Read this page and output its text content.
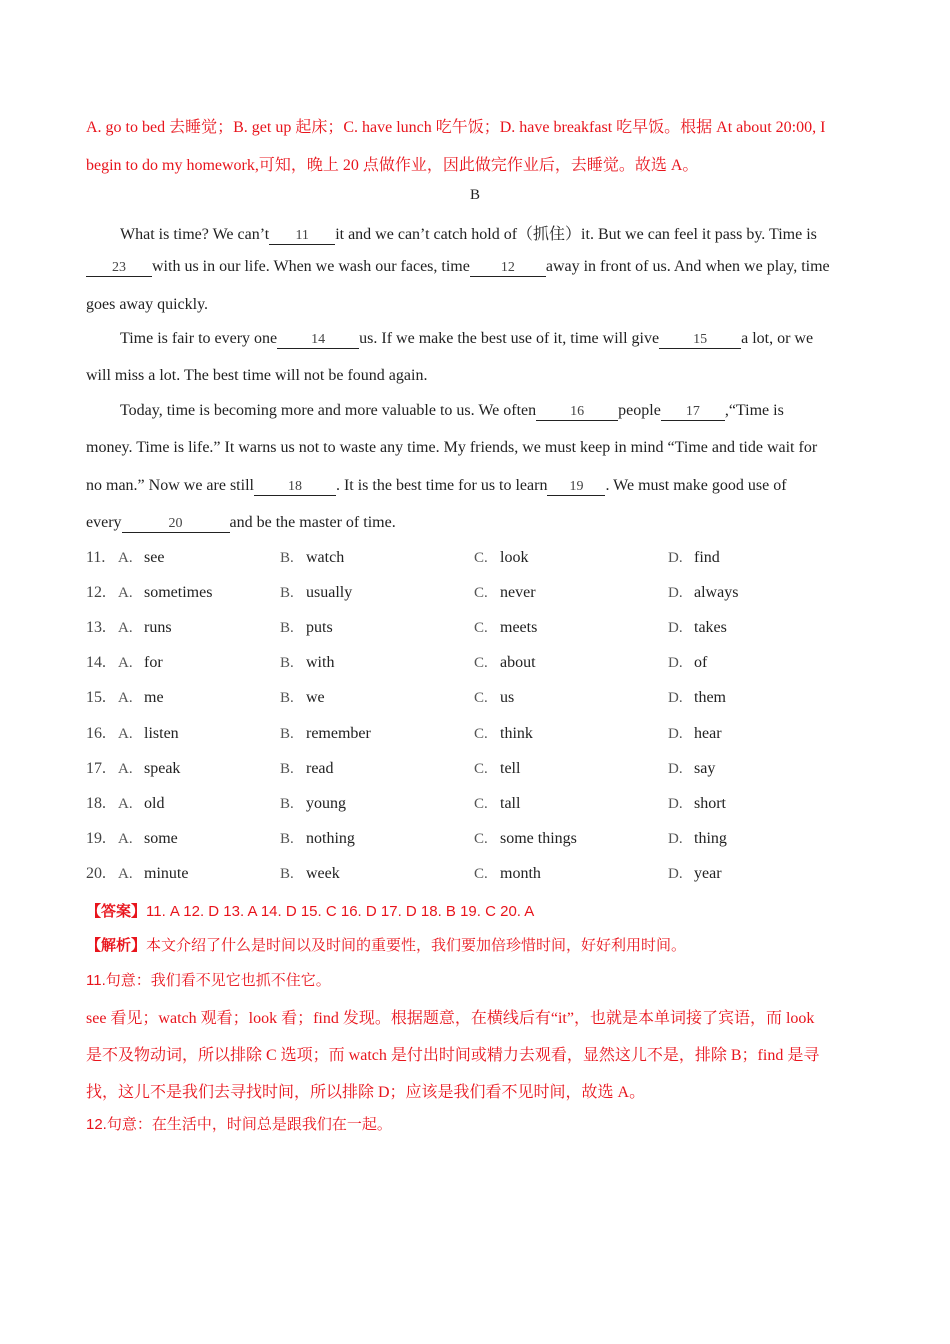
A. go to bed 去睡觉；B. get up 起床；C. have lunch 吃午饭；D. have breakfast 吃早饭。根据 At about 20:00, I
begin to do my homework,可知，晚上 20 点做作业，因此做完作业后，去睡觉。故选 A。
B
What is time? We can’t 11 it and we can’t catch hold of（抓住）it. But we can feel it pass by. Time is
23 with us in our life. When we wash our faces, time 12 away in front of us. And when we play, time
goes away quickly.
Time is fair to every one 14 us. If we make the best use of it, time will give 15 a lot, or we
will miss a lot. The best time will not be found again.
Today, time is becoming more and more valuable to us. We often 16 people 17 ,“Time is
money. Time is life.” It warns us not to waste any time. My friends, we must keep in mind “Time and tide wait for
no man.” Now we are still 18 . It is the best time for us to learn 19 . We must make good use of
every	20	and be the master of time.
11. A. see	B. watch	C. look	D. find
12. A. sometimes	B. usually	C. never	D. always
13. A. runs	B. puts	C. meets	D. takes
14. A. for	B. with	C. about	D. of
15. A. me	B. we	C. us	D. them
16. A. listen	B. remember	C. think	D. hear
17. A. speak	B. read	C. tell	D. say
18. A. old	B. young	C. tall	D. short
19. A. some	B. nothing	C. some things	D. thing
20. A. minute	B. week	C. month	D. year
【答案】11. A 12. D 13. A 14. D 15. C 16. D 17. D 18. B 19. C 20. A
【解析】本文介绍了什么是时间以及时间的重要性，我们要加倍珍惜时间，好好利用时间。
11.句意：我们看不见它也抓不住它。
see 看见；watch 观看；look 看；find 发现。根据题意，在横线后有“it”，也就是本单词接了宾语，而 look
是不及物动词，所以排除 C 选项；而 watch 是付出时间或精力去观看，显然这儿不是，排除 B；find 是寻
找，这儿不是我们去寻找时间，所以排除 D；应该是我们看不见时间，故选 A。
12.句意：在生活中，时间总是跟我们在一起。
